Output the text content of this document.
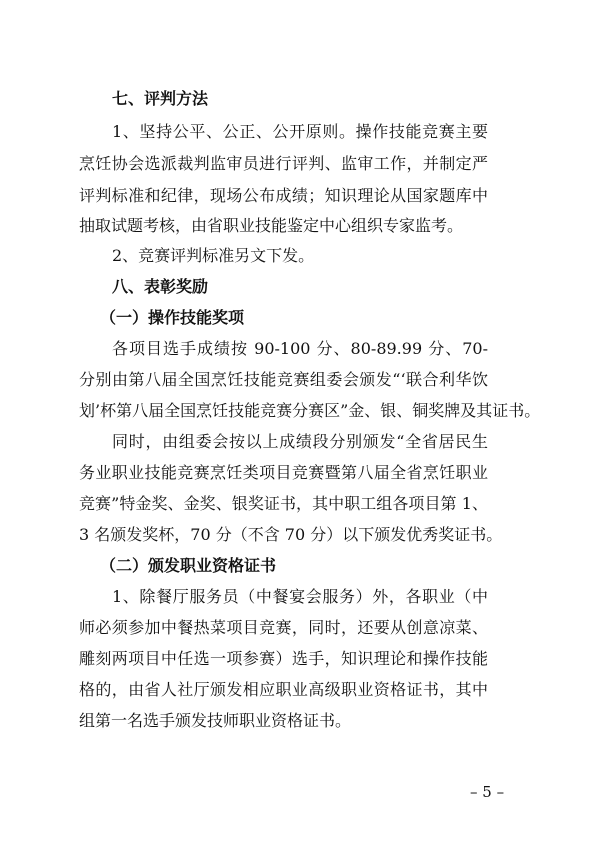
七、评判方法
1、坚持公平、公正、公开原则。操作技能竞赛主要
烹饪协会选派裁判监审员进行评判、监审工作，并制定严
评判标准和纪律，现场公布成绩；知识理论从国家题库中
抽取试题考核，由省职业技能鉴定中心组织专家监考。
2、竞赛评判标准另文下发。
八、表彰奖励
（一）操作技能奖项
各项目选手成绩按 90-100 分、80-89.99 分、70-
分别由第八届全国烹饪技能竞赛组委会颁发“‘联合利华饮
划’杯第八届全国烹饪技能竞赛分赛区”金、银、铜奖牌及其证书。
同时，由组委会按以上成绩段分别颁发“全省居民生
务业职业技能竞赛烹饪类项目竞赛暨第八届全省烹饪职业
竞赛”特金奖、金奖、银奖证书，其中职工组各项目第 1、
3 名颁发奖杯，70 分（不含 70 分）以下颁发优秀奖证书。
（二）颁发职业资格证书
1、除餐厅服务员（中餐宴会服务）外，各职业（中
师必须参加中餐热菜项目竞赛，同时，还要从创意凉菜、
雕刻两项目中任选一项参赛）选手，知识理论和操作技能
格的，由省人社厅颁发相应职业高级职业资格证书，其中
组第一名选手颁发技师职业资格证书。
– 5 –
